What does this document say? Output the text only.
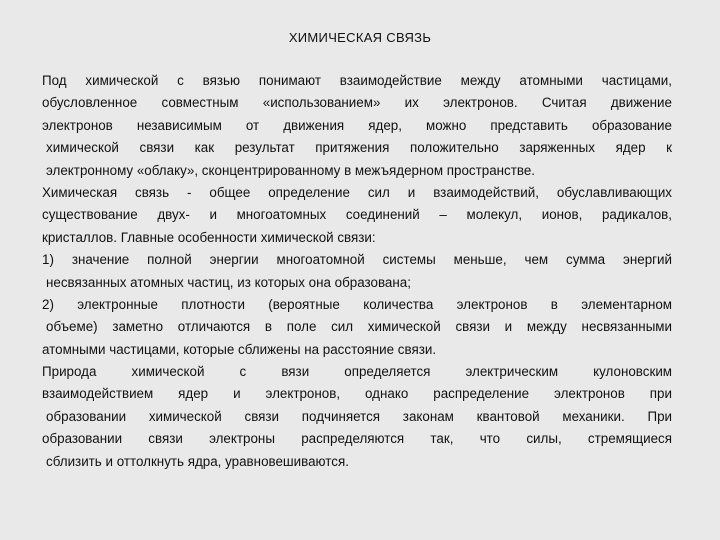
ХИМИЧЕСКАЯ СВЯЗЬ
Под химической с вязью понимают взаимодействие между атомными частицами,
обусловленное совместным «использованием» их электронов. Считая движение
электронов независимым от движения ядер, можно представить образование
химической связи как результат притяжения положительно заряженных ядер к
электронному «облаку», сконцентрированному в межъядерном пространстве.
Химическая связь - общее определение сил и взаимодействий, обуславливающих
существование двух- и многоатомных соединений – молекул, ионов, радикалов,
кристаллов. Главные особенности химической связи:
1) значение полной энергии многоатомной системы меньше, чем сумма энергий
несвязанных атомных частиц, из которых она образована;
2) электронные плотности (вероятные количества электронов в элементарном
объеме) заметно отличаются в поле сил химической связи и между несвязанными
атомными частицами, которые сближены на расстояние связи.
Природа химической с вязи определяется электрическим кулоновским
взаимодействием ядер и электронов, однако распределение электронов при
образовании химической связи подчиняется законам квантовой механики. При
образовании связи электроны распределяются так, что силы, стремящиеся
сблизить и оттолкнуть ядра, уравновешиваются.
